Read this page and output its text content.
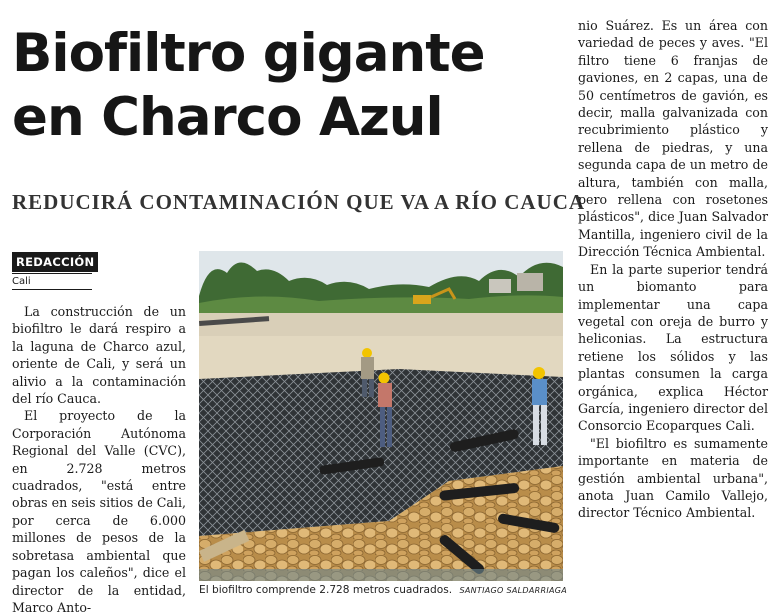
Biofiltro gigante
en Charco Azul
REDUCIRÁ CONTAMINACIÓN QUE VA A RÍO CAUCA
REDACCIÓN
Cali

La construcción de un biofiltro le dará respiro a la laguna de Charco azul, oriente de Cali, y será un alivio a la contaminación del río Cauca.

El proyecto de la Corporación Autónoma Regional del Valle (CVC), en 2.728 metros cuadrados, "está entre obras en seis sitios de Cali, por cerca de 6.000 millones de pesos de la sobretasa ambiental que pagan los caleños", dice el director de la entidad, Marco Anto-

nio Suárez. Es un área con variedad de peces y aves. "El filtro tiene 6 franjas de gaviones, en 2 capas, una de 50 centímetros de gavión, es decir, malla galvanizada con recubrimiento plástico y rellena de piedras, y una segunda capa de un metro de altura, también con malla, pero rellena con rosetones plásticos", dice Juan Salvador Mantilla, ingeniero civil de la Dirección Técnica Ambiental.

En la parte superior tendrá un biomanto para implementar una capa vegetal con oreja de burro y heliconias. La estructura retiene los sólidos y las plantas consumen la carga orgánica, explica Héctor García, ingeniero director del Consorcio Ecoparques Cali.

"El biofiltro es sumamente importante en materia de gestión ambiental urbana", anota Juan Camilo Vallejo, director Técnico Ambiental.

El biofiltro comprende 2.728 metros cuadrados. SANTIAGO SALDARRIAGA
